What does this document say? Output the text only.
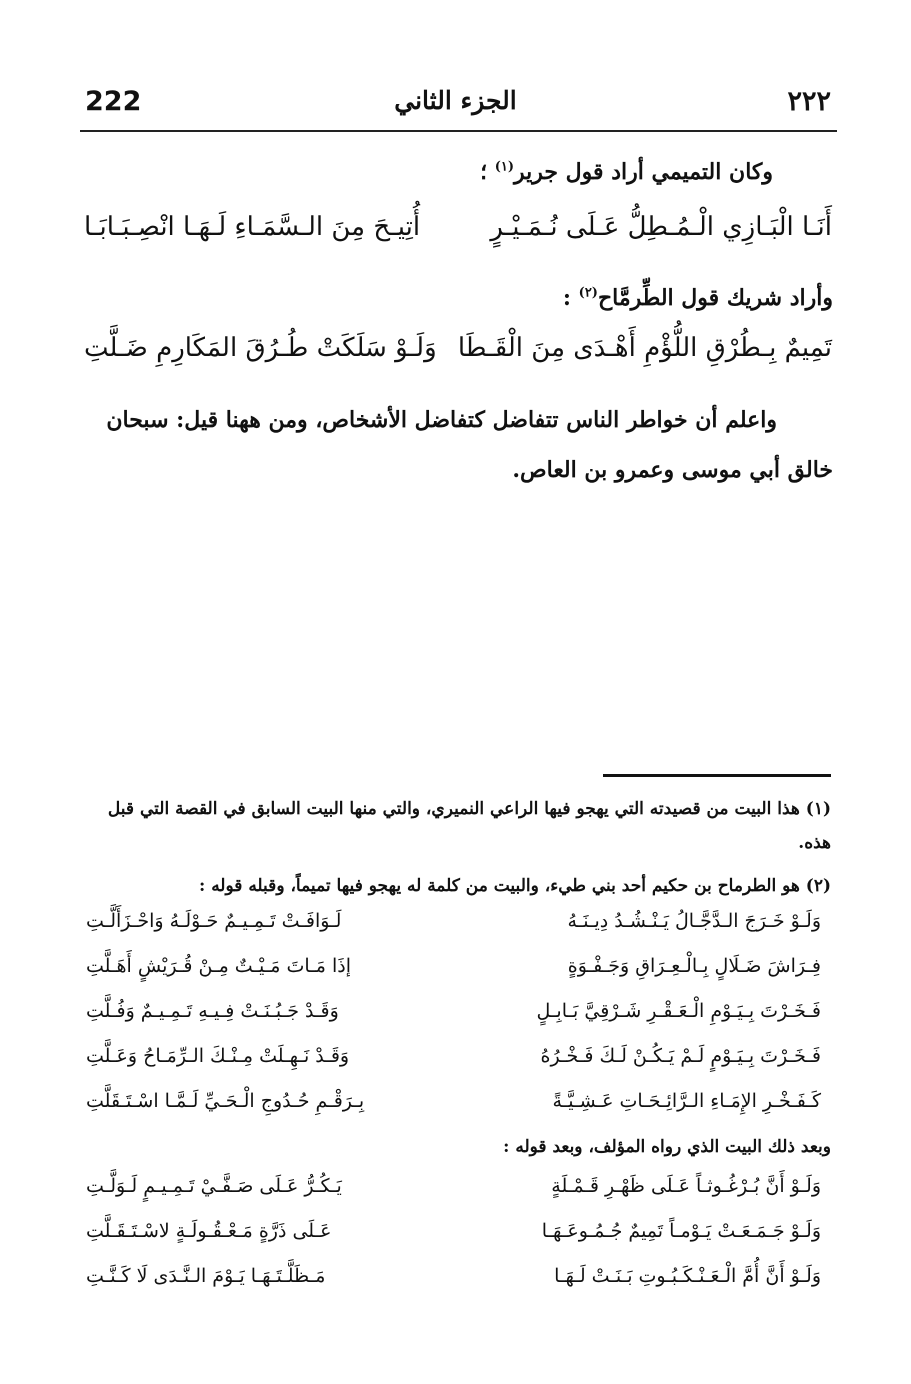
222	الجزء الثاني	٢٢٢
وكان التميمي أراد قول جرير$^{(١)}$ ؛
أَنَـا الْبَـازِي الْـمُـطِلُّ عَـلَى نُـمَـيْـرٍ
أُتِيـحَ مِنَ الـسَّمَـاءِ لَـهَـا انْصِـبَـابَـا
وأراد شريك قول الطِّرمَّاح$^{(٢)}$ :
تَمِيمٌ بِـطُرْقِ اللُّؤْمِ أَهْـدَى مِنَ الْقَـطَا
وَلَـوْ سَلَكَتْ طُـرُقَ المَكَارِمِ ضَـلَّتِ
واعلم أن خواطر الناس تتفاضل كتفاضل الأشخاص، ومن ههنا قيل: سبحان خالق أبي موسى وعمرو بن العاص.
(١) هذا البيت من قصيدته التي يهجو فيها الراعي النميري، والتي منها البيت السابق في القصة التي قبل هذه.
(٢) هو الطرماح بن حكيم أحد بني طيء، والبيت من كلمة له يهجو فيها تميماً، وقبله قوله :
وَلَـوْ خَـرَجَ الـدَّجَّـالُ يَـنْـشُـدُ دِيـنَـهُ
لَـوَافَـتْ تَـمِـيـمٌ حَـوْلَـهُ وَاحْـزَأَلَّـتِ
فِـرَاشَ ضَـلَالٍ بِـالْـعِـرَاقِ وَجَـفْـوَةٍ
إذَا مَـاتَ مَـيْـتٌ مِـنْ قُـرَيْشٍ أَهَـلَّتِ
فَـخَـرْتَ بِـيَـوْمِ الْـعَـقْـرِ شَـرْقِيَّ بَـابِـلٍ
وَقَـدْ جَـبُـنَـتْ فِـيـهِ تَـمِـيـمٌ وَفُـلَّتِ
فَـخَـرْتَ بِـيَـوْمٍ لَـمْ يَـكُـنْ لَـكَ فَـخْـرُهُ
وَقَـدْ نَـهِـلَتْ مِـنْـكَ الـرِّمَـاحُ وَعَـلَّتِ
كَـفَـخْـرِ الإِمَـاءِ الـرَّائِـحَـاتِ عَـشِـيَّـةً
بِـرَقْـمِ حُـدُوجِ الْـحَـيِّ لَـمَّـا اسْـتَـقَلَّتِ
وبعد ذلك البيت الذي رواه المؤلف، وبعد قوله :
وَلَـوْ أَنَّ بُـرْغُـوثـاً عَـلَى ظَهْـرِ قَـمْـلَةٍ
يَـكُـرُّ عَـلَى صَـفَّـيْ تَـمِـيـمٍ لَـوَلَّـتِ
وَلَـوْ جَـمَـعَـتْ يَـوْمـاً تَمِيمٌ جُـمُـوعَـهَـا
عَـلَى ذَرَّةٍ مَـعْـقُـولَـةٍ لاسْـتَـقَـلَّتِ
وَلَـوْ أَنَّ أُمَّ الْـعَـنْـكَـبُـوتِ بَـنَـتْ لَـهَـا
مَـظَلَّـتَـهَـا يَـوْمَ الـنَّـدَى لَا كَـنَّـتِ
